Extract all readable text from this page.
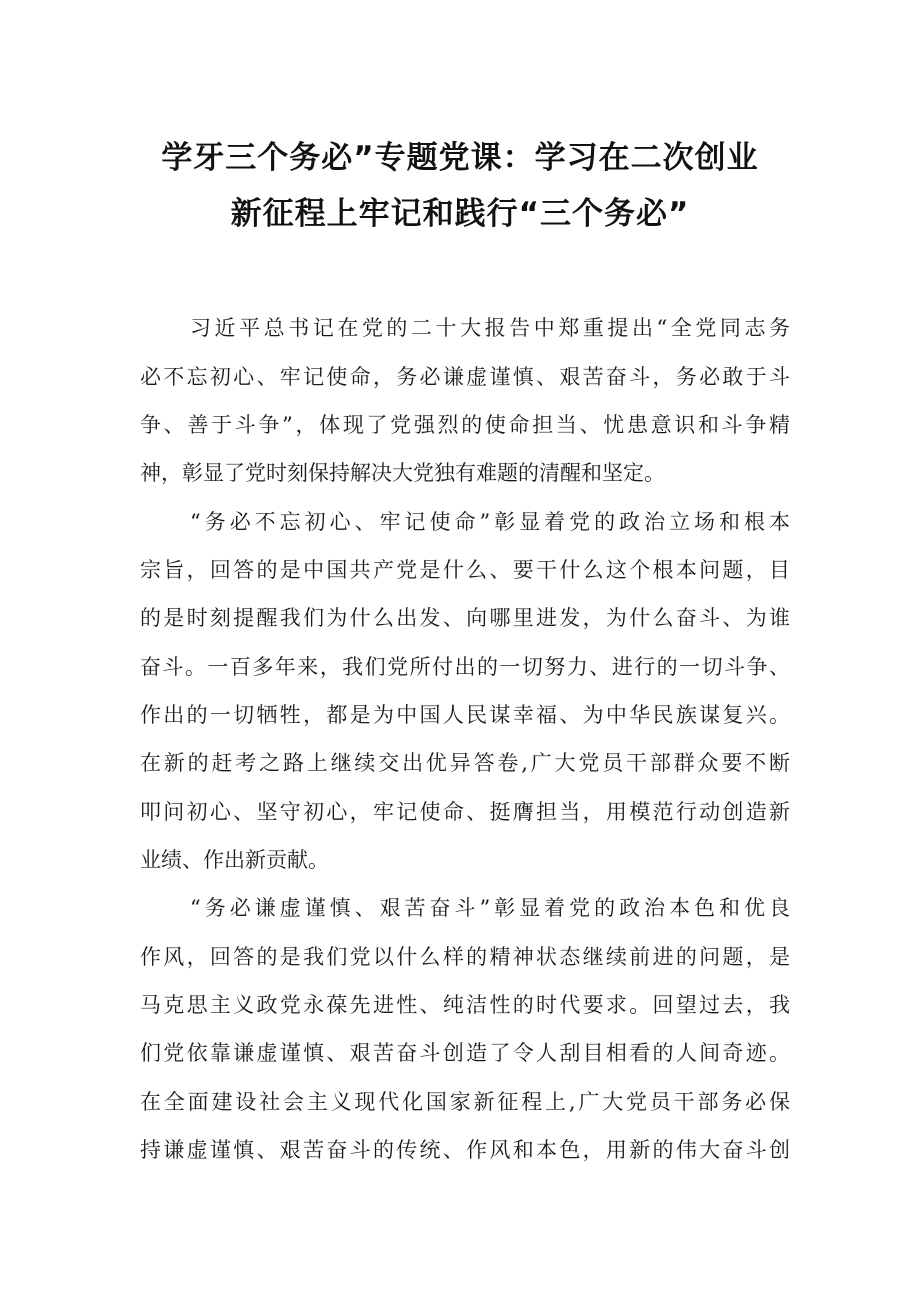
学牙三个务必”专题党课：学习在二次创业
新征程上牢记和践行“三个务必”
习近平总书记在党的二十大报告中郑重提出“全党同志务
必不忘初心、牢记使命，务必谦虚谨慎、艰苦奋斗，务必敢于斗
争、善于斗争”，体现了党强烈的使命担当、忧患意识和斗争精
神，彰显了党时刻保持解决大党独有难题的清醒和坚定。
“务必不忘初心、牢记使命”彰显着党的政治立场和根本
宗旨，回答的是中国共产党是什么、要干什么这个根本问题，目
的是时刻提醒我们为什么出发、向哪里进发，为什么奋斗、为谁
奋斗。一百多年来，我们党所付出的一切努力、进行的一切斗争、
作出的一切牺牲，都是为中国人民谋幸福、为中华民族谋复兴。
在新的赶考之路上继续交出优异答卷,广大党员干部群众要不断
叩问初心、坚守初心，牢记使命、挺膺担当，用模范行动创造新
业绩、作出新贡献。
“务必谦虚谨慎、艰苦奋斗”彰显着党的政治本色和优良
作风，回答的是我们党以什么样的精神状态继续前进的问题，是
马克思主义政党永葆先进性、纯洁性的时代要求。回望过去，我
们党依靠谦虚谨慎、艰苦奋斗创造了令人刮目相看的人间奇迹。
在全面建设社会主义现代化国家新征程上,广大党员干部务必保
持谦虚谨慎、艰苦奋斗的传统、作风和本色，用新的伟大奋斗创
